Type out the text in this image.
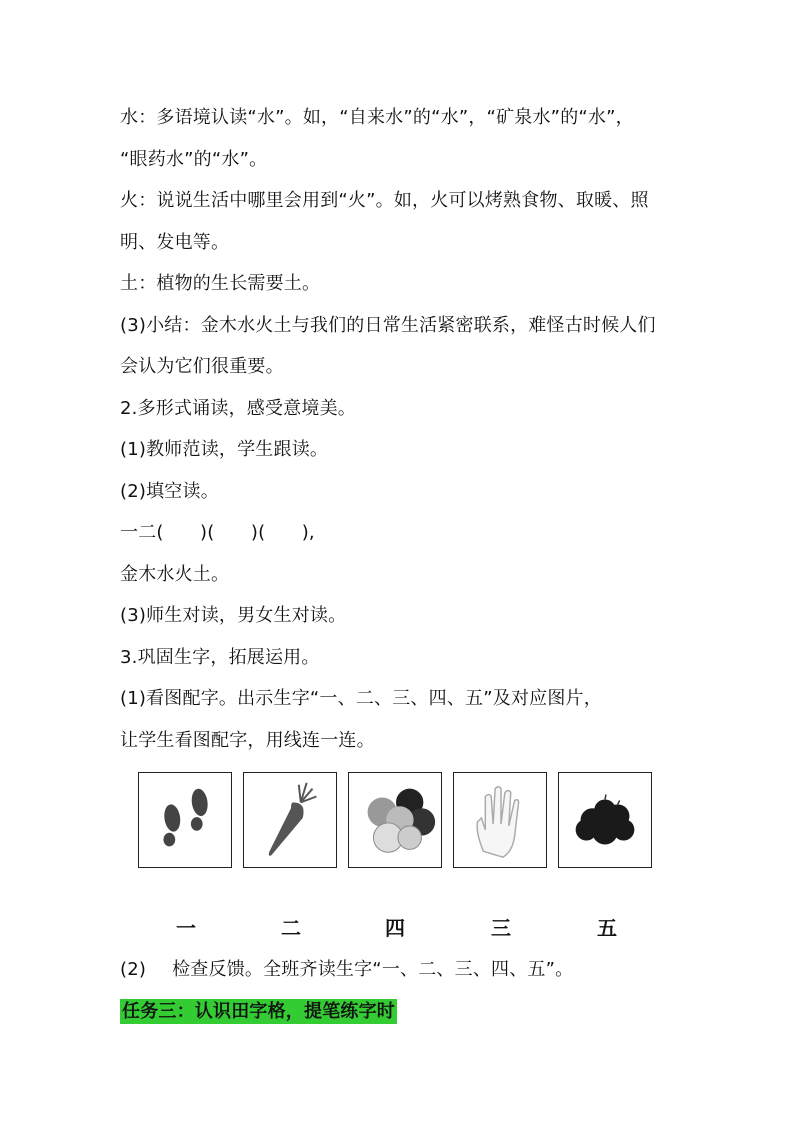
水：多语境认读“水”。如，“自来水”的“水”，“矿泉水”的“水”，
“眼药水”的“水”。
火：说说生活中哪里会用到“火”。如，火可以烤熟食物、取暖、照
明、发电等。
土：植物的生长需要土。
(3)小结：金木水火土与我们的日常生活紧密联系，难怪古时候人们
会认为它们很重要。
2.多形式诵读，感受意境美。
(1)教师范读，学生跟读。
(2)填空读。
一二(　　)(　　)(　　),
金木水火土。
(3)师生对读，男女生对读。
3.巩固生字，拓展运用。
(1)看图配字。出示生字“一、二、三、四、五”及对应图片，
让学生看图配字，用线连一连。
一	二	四	三	五
(2) 检查反馈。全班齐读生字“一、二、三、四、五”。
任务三：认识田字格，提笔练字时
